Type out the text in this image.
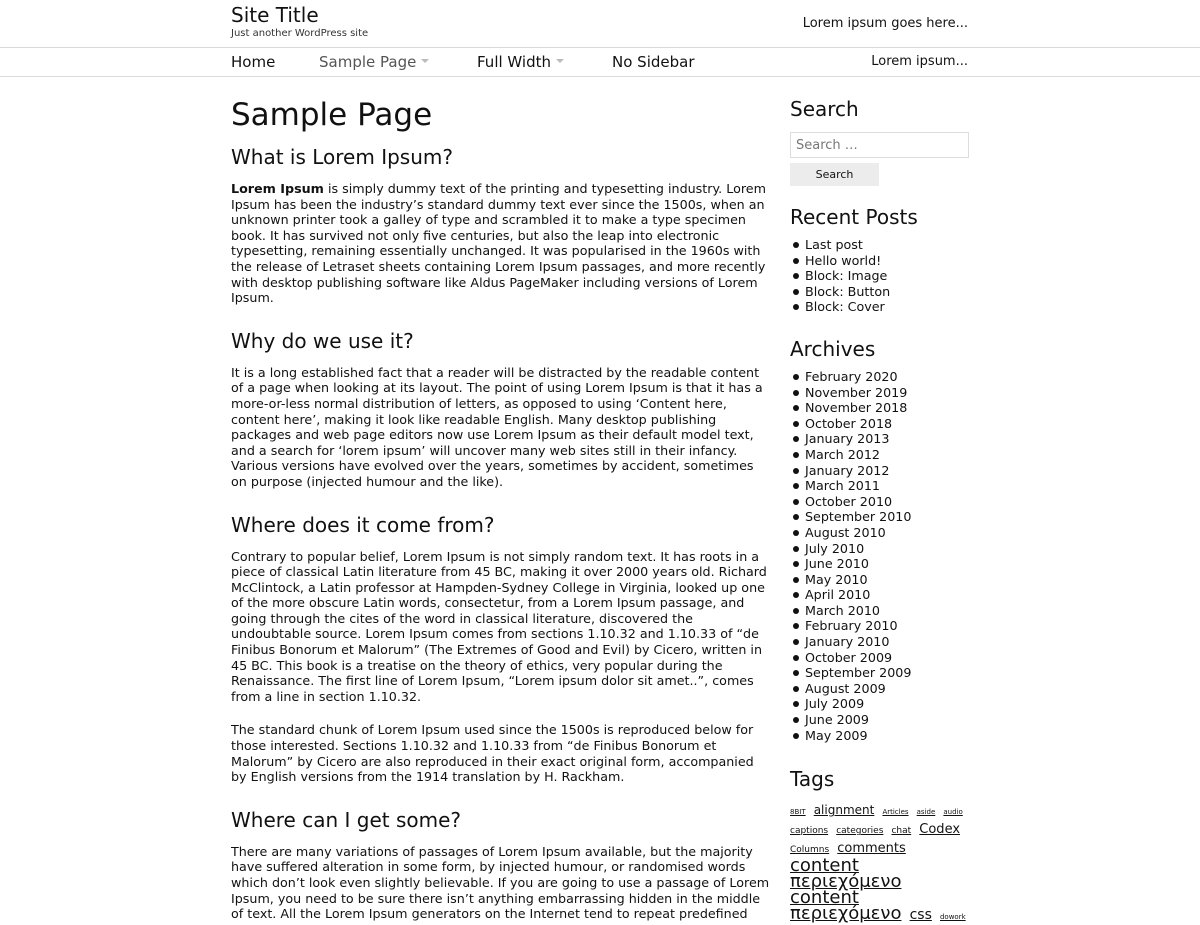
Site Title
Just another WordPress site
Lorem ipsum goes here...
Home	Sample Page	Full Width	No Sidebar	Lorem ipsum...
Sample Page
What is Lorem Ipsum?

Lorem Ipsum is simply dummy text of the printing and typesetting industry. Lorem Ipsum has been the industry’s standard dummy text ever since the 1500s, when an unknown printer took a galley of type and scrambled it to make a type specimen book. It has survived not only five centuries, but also the leap into electronic typesetting, remaining essentially unchanged. It was popularised in the 1960s with the release of Letraset sheets containing Lorem Ipsum passages, and more recently with desktop publishing software like Aldus PageMaker including versions of Lorem Ipsum.

Why do we use it?

It is a long established fact that a reader will be distracted by the readable content of a page when looking at its layout. The point of using Lorem Ipsum is that it has a more-or-less normal distribution of letters, as opposed to using ‘Content here, content here’, making it look like readable English. Many desktop publishing packages and web page editors now use Lorem Ipsum as their default model text, and a search for ‘lorem ipsum’ will uncover many web sites still in their infancy. Various versions have evolved over the years, sometimes by accident, sometimes on purpose (injected humour and the like).

Where does it come from?

Contrary to popular belief, Lorem Ipsum is not simply random text. It has roots in a piece of classical Latin literature from 45 BC, making it over 2000 years old. Richard McClintock, a Latin professor at Hampden-Sydney College in Virginia, looked up one of the more obscure Latin words, consectetur, from a Lorem Ipsum passage, and going through the cites of the word in classical literature, discovered the undoubtable source. Lorem Ipsum comes from sections 1.10.32 and 1.10.33 of “de Finibus Bonorum et Malorum” (The Extremes of Good and Evil) by Cicero, written in 45 BC. This book is a treatise on the theory of ethics, very popular during the Renaissance. The first line of Lorem Ipsum, “Lorem ipsum dolor sit amet..”, comes from a line in section 1.10.32.

The standard chunk of Lorem Ipsum used since the 1500s is reproduced below for those interested. Sections 1.10.32 and 1.10.33 from “de Finibus Bonorum et Malorum” by Cicero are also reproduced in their exact original form, accompanied by English versions from the 1914 translation by H. Rackham.

Where can I get some?

There are many variations of passages of Lorem Ipsum available, but the majority have suffered alteration in some form, by injected humour, or randomised words which don’t look even slightly believable. If you are going to use a passage of Lorem Ipsum, you need to be sure there isn’t anything embarrassing hidden in the middle of text. All the Lorem Ipsum generators on the Internet tend to repeat predefined

Search
Search …
Search
Recent Posts
Last post
Hello world!
Block: Image
Block: Button
Block: Cover
Archives
February 2020
November 2019
November 2018
October 2018
January 2013
March 2012
January 2012
March 2011
October 2010
September 2010
August 2010
July 2010
June 2010
May 2010
April 2010
March 2010
February 2010
January 2010
October 2009
September 2009
August 2009
July 2009
June 2009
May 2009
Tags
8BIT alignment Articles aside audio captions categories chat Codex Columns comments content περιεχόμενο content περιεχόμενο css dowork
